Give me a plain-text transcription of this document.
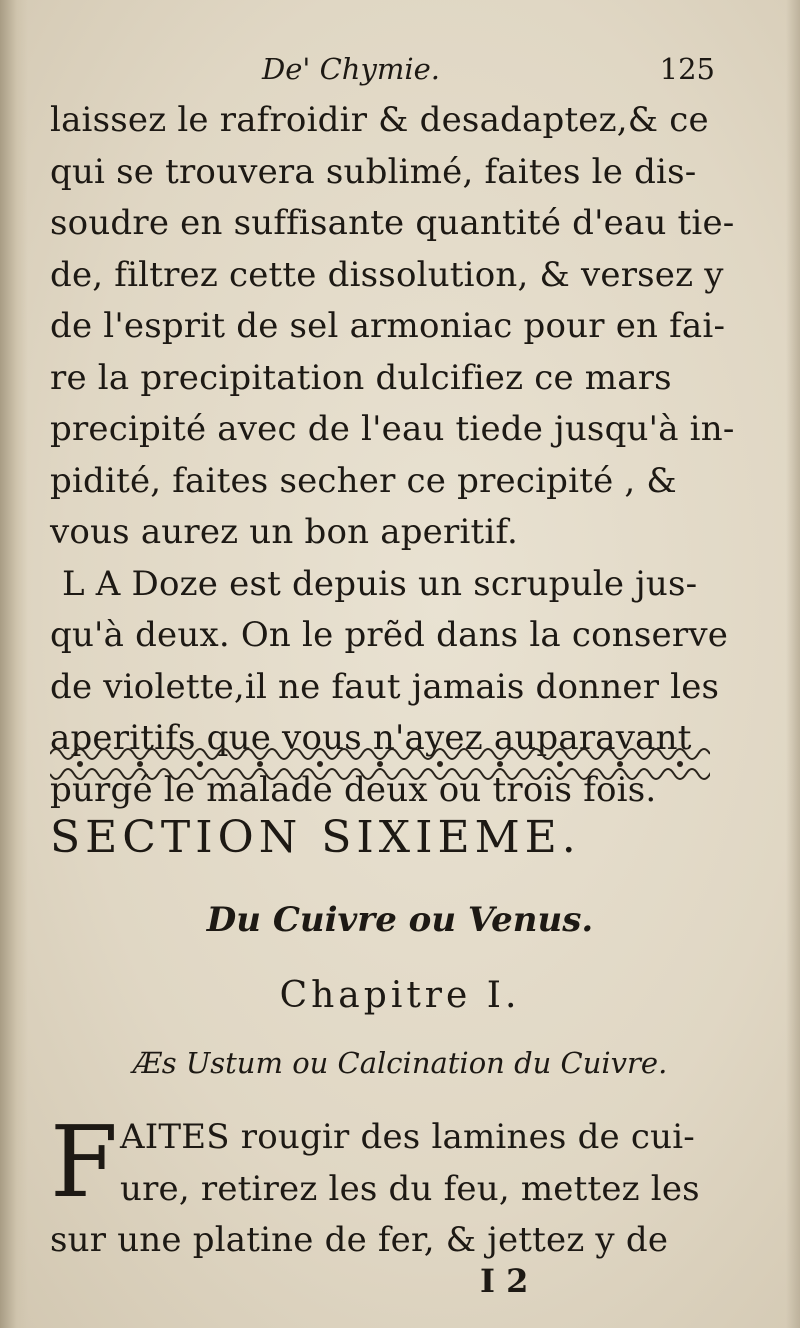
De' Chymie.	125
laissez le rafroidir & desadaptez,& ce
qui se trouvera sublimé, faites le dis-
soudre en suffisante quantité d'eau tie-
de, filtrez cette dissolution, & versez y
de l'esprit de sel armoniac pour en fai-
re la precipitation dulcifiez ce mars
precipité avec de l'eau tiede jusqu'à in-
pidité, faites secher ce precipité , &
vous aurez un bon aperitif.
L A Doze est depuis un scrupule jus-
qu'à deux. On le prẽd dans la conserve
de violette,il ne faut jamais donner les
aperitifs que vous n'ayez auparavant
purgé le malade deux ou trois fois.
SECTION SIXIEME.
Du Cuivre ou Venus.
Chapitre I.
Æs Ustum ou Calcination du Cuivre.
F AITES rougir des lamines de cui-
ure, retirez les du feu, mettez les
sur une platine de fer, & jettez y de
I 2
